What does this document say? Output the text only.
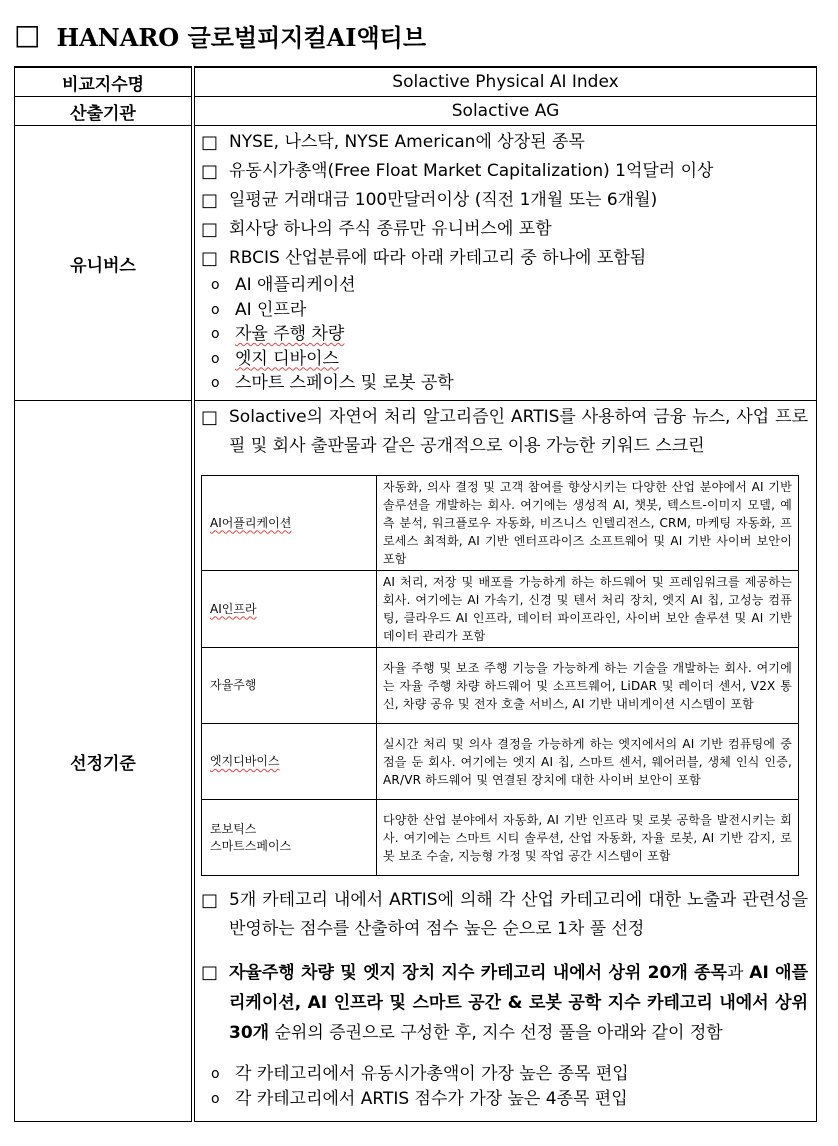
□ HANARO 글로벌피지컬AI액티브
비교지수명	Solactive Physical AI Index

산출기관	Solactive AG

유니버스	
□ NYSE, 나스닥, NYSE American에 상장된 종목
□ 유동시가총액(Free Float Market Capitalization) 1억달러 이상
□ 일평균 거래대금 100만달러이상 (직전 1개월 또는 6개월)
□ 회사당 하나의 주식 종류만 유니버스에 포함
□ RBCIS 산업분류에 따라 아래 카테고리 중 하나에 포함됨
o AI 애플리케이션
o AI 인프라
o 자율 주행 차량
o 엣지 디바이스
o 스마트 스페이스 및 로봇 공학

선정기준	
□ Solactive의 자연어 처리 알고리즘인 ARTIS를 사용하여 금융 뉴스, 사업 프로필 및 회사 출판물과 같은 공개적으로 이용 가능한 키워드 스크린
AI어플리케이션	자동화, 의사 결정 및 고객 참여를 향상시키는 다양한 산업 분야에서 AI 기반 솔루션을 개발하는 회사. 여기에는 생성적 AI, 챗봇, 텍스트-이미지 모델, 예측 분석, 워크플로우 자동화, 비즈니스 인텔리전스, CRM, 마케팅 자동화, 프로세스 최적화, AI 기반 엔터프라이즈 소프트웨어 및 AI 기반 사이버 보안이 포함
AI인프라	AI 처리, 저장 및 배포를 가능하게 하는 하드웨어 및 프레임워크를 제공하는 회사. 여기에는 AI 가속기, 신경 및 텐서 처리 장치, 엣지 AI 칩, 고성능 컴퓨팅, 클라우드 AI 인프라, 데이터 파이프라인, 사이버 보안 솔루션 및 AI 기반 데이터 관리가 포함
자율주행	자율 주행 및 보조 주행 기능을 가능하게 하는 기술을 개발하는 회사. 여기에는 자율 주행 차량 하드웨어 및 소프트웨어, LiDAR 및 레이더 센서, V2X 통신, 차량 공유 및 전자 호출 서비스, AI 기반 내비게이션 시스템이 포함
엣지디바이스	실시간 처리 및 의사 결정을 가능하게 하는 엣지에서의 AI 기반 컴퓨팅에 중점을 둔 회사. 여기에는 엣지 AI 칩, 스마트 센서, 웨어러블, 생체 인식 인증, AR/VR 하드웨어 및 연결된 장치에 대한 사이버 보안이 포함
로보틱스
스마트스페이스	다양한 산업 분야에서 자동화, AI 기반 인프라 및 로봇 공학을 발전시키는 회사. 여기에는 스마트 시티 솔루션, 산업 자동화, 자율 로봇, AI 기반 감지, 로봇 보조 수술, 지능형 가정 및 작업 공간 시스템이 포함
□ 5개 카테고리 내에서 ARTIS에 의해 각 산업 카테고리에 대한 노출과 관련성을 반영하는 점수를 산출하여 점수 높은 순으로 1차 풀 선정
□ 자율주행 차량 및 엣지 장치 지수 카테고리 내에서 상위 20개 종목과 AI 애플리케이션, AI 인프라 및 스마트 공간 & 로봇 공학 지수 카테고리 내에서 상위 30개 순위의 증권으로 구성한 후, 지수 선정 풀을 아래와 같이 정함
o 각 카테고리에서 유동시가총액이 가장 높은 종목 편입
o 각 카테고리에서 ARTIS 점수가 가장 높은 4종목 편입
